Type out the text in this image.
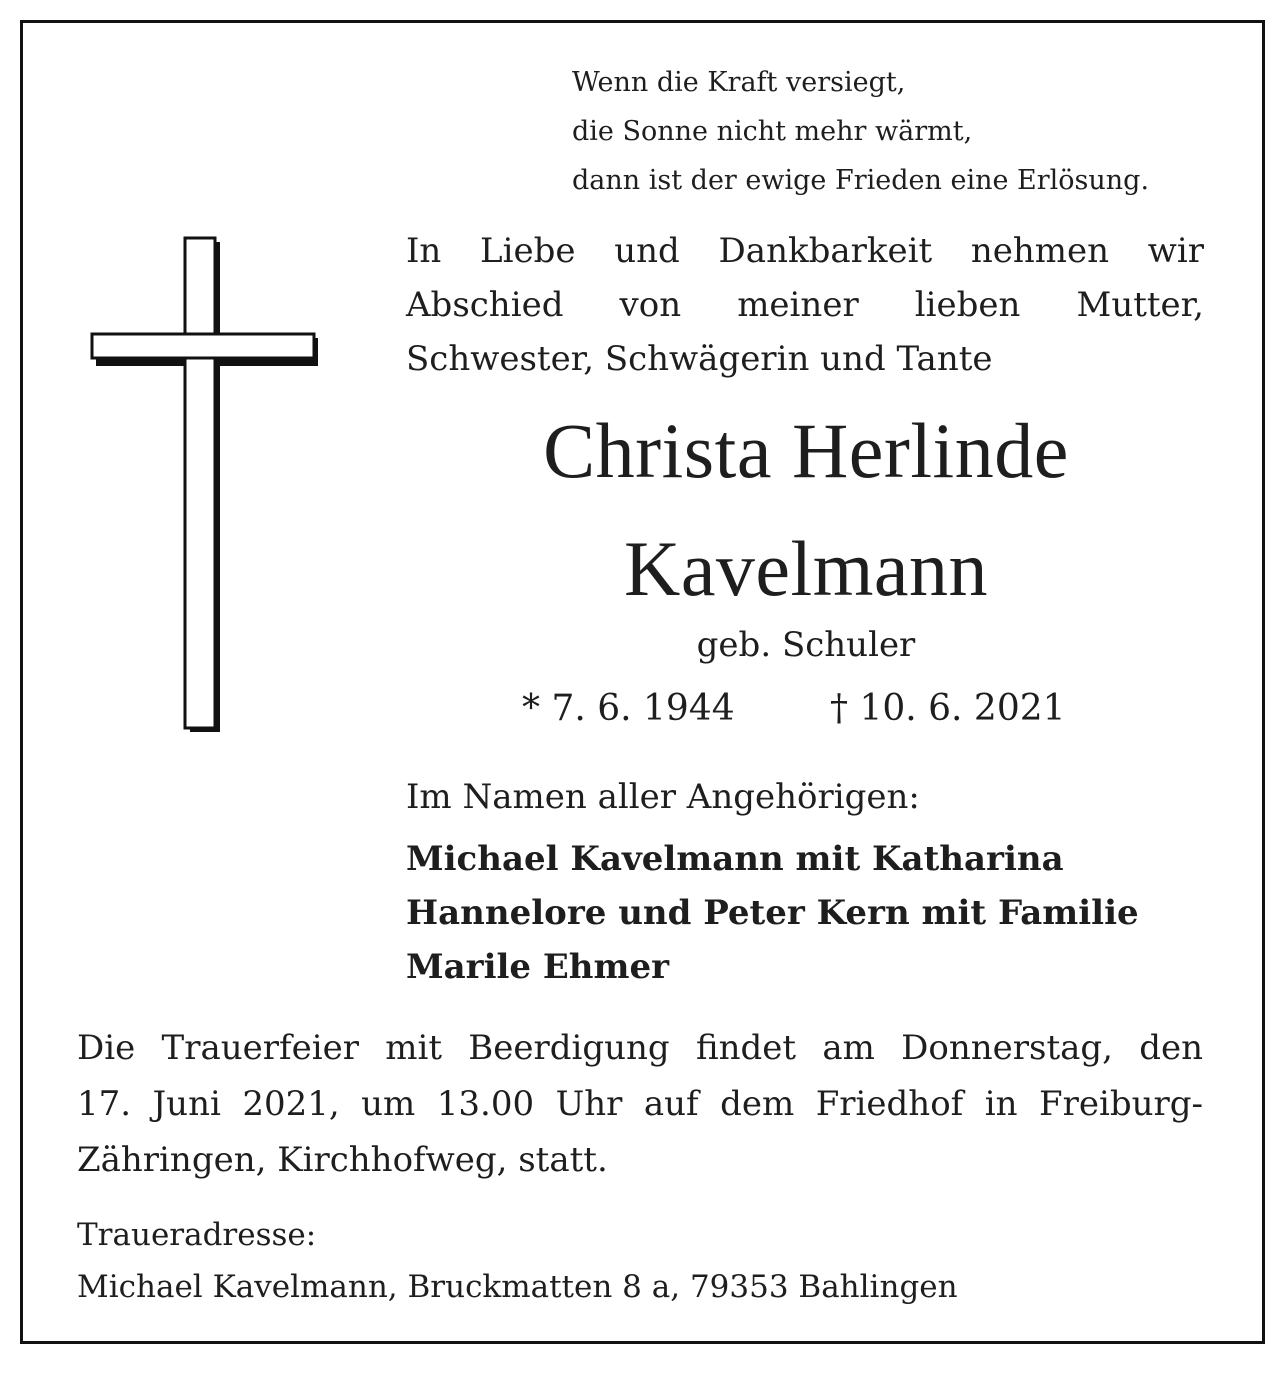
Wenn die Kraft versiegt,
die Sonne nicht mehr wärmt,
dann ist der ewige Frieden eine Erlösung.
In Liebe und Dankbarkeit nehmen wir
Abschied von meiner lieben Mutter,
Schwester, Schwägerin und Tante
Christa Herlinde
Kavelmann
geb. Schuler
* 7. 6. 1944	† 10. 6. 2021
Im Namen aller Angehörigen:
Michael Kavelmann mit Katharina
Hannelore und Peter Kern mit Familie
Marile Ehmer
Die Trauerfeier mit Beerdigung findet am Donnerstag, den
17. Juni 2021, um 13.00 Uhr auf dem Friedhof in Freiburg-
Zähringen, Kirchhofweg, statt.
Traueradresse:
Michael Kavelmann, Bruckmatten 8 a, 79353 Bahlingen
